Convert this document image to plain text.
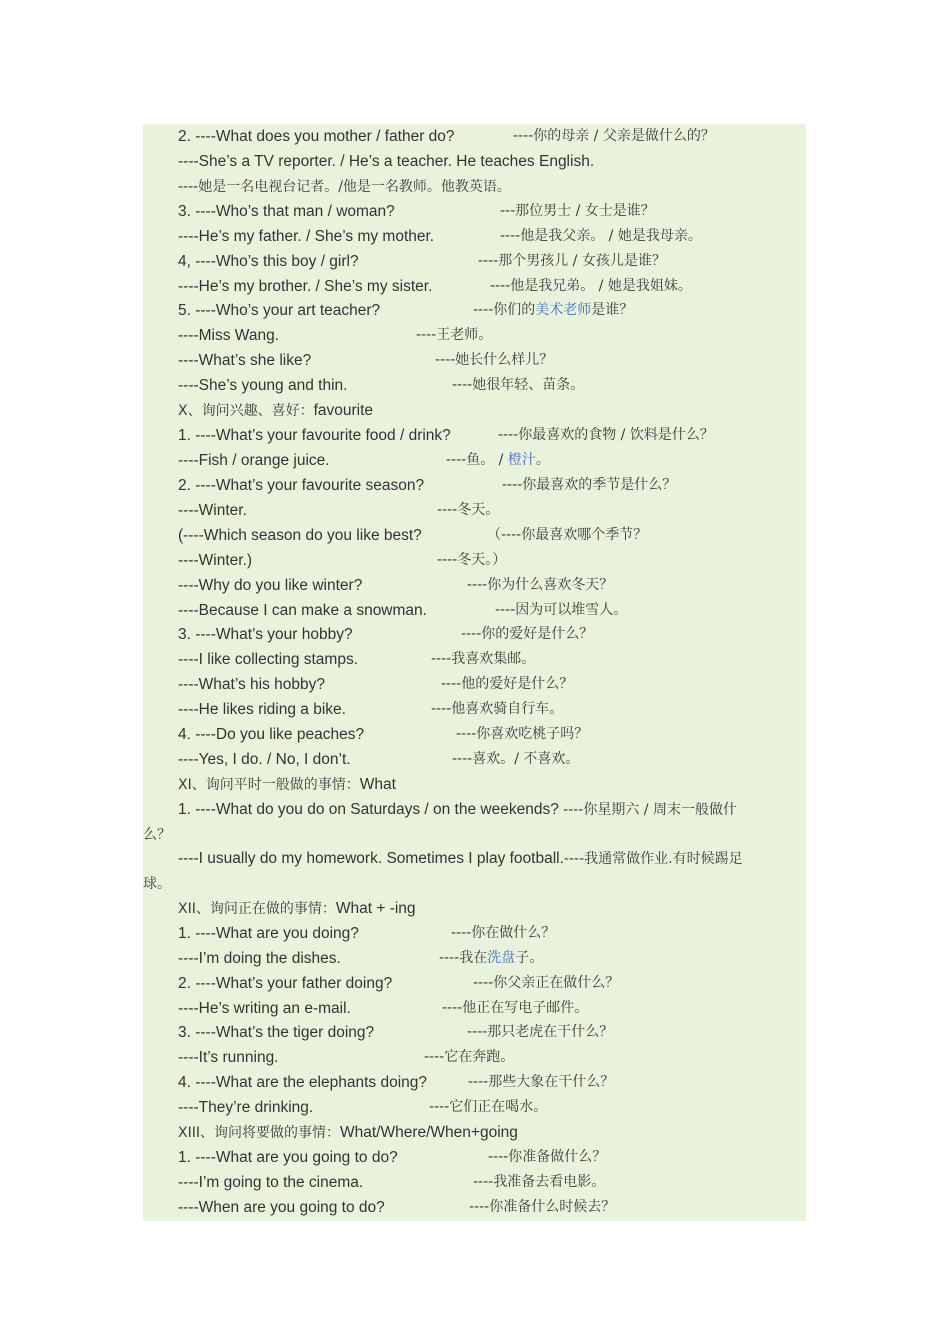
2. ----What does you mother / father do?	----你的母亲 / 父亲是做什么的？
----She’s a TV reporter. / He’s a teacher. He teaches English.
----她是一名电视台记者。/他是一名教师。他教英语。
3. ----Who’s that man / woman?	---那位男士 / 女士是谁？
----He’s my father. / She’s my mother.	----他是我父亲。 / 她是我母亲。
4, ----Who’s this boy / girl?	----那个男孩儿 / 女孩儿是谁？
----He’s my brother. / She’s my sister.	----他是我兄弟。 / 她是我姐妹。
5. ----Who’s your art teacher?	----你们的美术老师是谁？
----Miss Wang.	----王老师。
----What’s she like?	----她长什么样儿？
----She’s young and thin.	----她很年轻、苗条。
X、询问兴趣、喜好：favourite
1. ----What’s your favourite food / drink?	----你最喜欢的食物 / 饮料是什么？
----Fish / orange juice.	----鱼。 / 橙汁。
2. ----What’s your favourite season?	----你最喜欢的季节是什么？
----Winter.	----冬天。
(----Which season do you like best?	（----你最喜欢哪个季节？
----Winter.)	----冬天。）
----Why do you like winter?	----你为什么喜欢冬天？
----Because I can make a snowman.	----因为可以堆雪人。
3. ----What’s your hobby?	----你的爱好是什么？
----I like collecting stamps.	----我喜欢集邮。
----What’s his hobby?	----他的爱好是什么？
----He likes riding a bike.	----他喜欢骑自行车。
4. ----Do you like peaches?	----你喜欢吃桃子吗？
----Yes, I do. / No, I don’t.	----喜欢。/ 不喜欢。
XI、询问平时一般做的事情：What
1. ----What do you do on Saturdays / on the weekends? ----你星期六 / 周末一般做什
么？
----I usually do my homework. Sometimes I play football.----我通常做作业.有时候踢足
球。
XII、询问正在做的事情：What + -ing
1. ----What are you doing?	----你在做什么？
----I’m doing the dishes.	----我在洗盘子。
2. ----What’s your father doing?	----你父亲正在做什么？
----He’s writing an e-mail.	----他正在写电子邮件。
3. ----What’s the tiger doing?	----那只老虎在干什么？
----It’s running.	----它在奔跑。
4. ----What are the elephants doing?	----那些大象在干什么？
----They’re drinking.	----它们正在喝水。
XIII、询问将要做的事情：What/Where/When+going
1. ----What are you going to do?	----你准备做什么？
----I’m going to the cinema.	----我准备去看电影。
----When are you going to do?	----你准备什么时候去？
